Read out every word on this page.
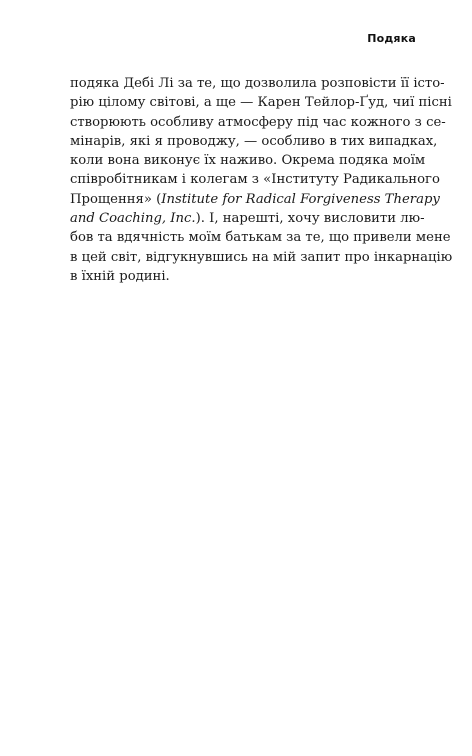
Подяка
подяка Дебі Лі за те, що дозволила розповісти її істо-
рію цілому світові, а ще — Карен Тейлор-Ґуд, чиї пісні
створюють особливу атмосферу під час кожного з се-
мінарів, які я проводжу, — особливо в тих випадках,
коли вона виконує їх наживо. Окрема подяка моїм
співробітникам і колегам з «Інституту Радикального
Прощення» (Institute for Radical Forgiveness Therapy
and Coaching, Inc.). І, нарешті, хочу висловити лю-
бов та вдячність моїм батькам за те, що привели мене
в цей світ, відгукнувшись на мій запит про інкарнацію
в їхній родині.
